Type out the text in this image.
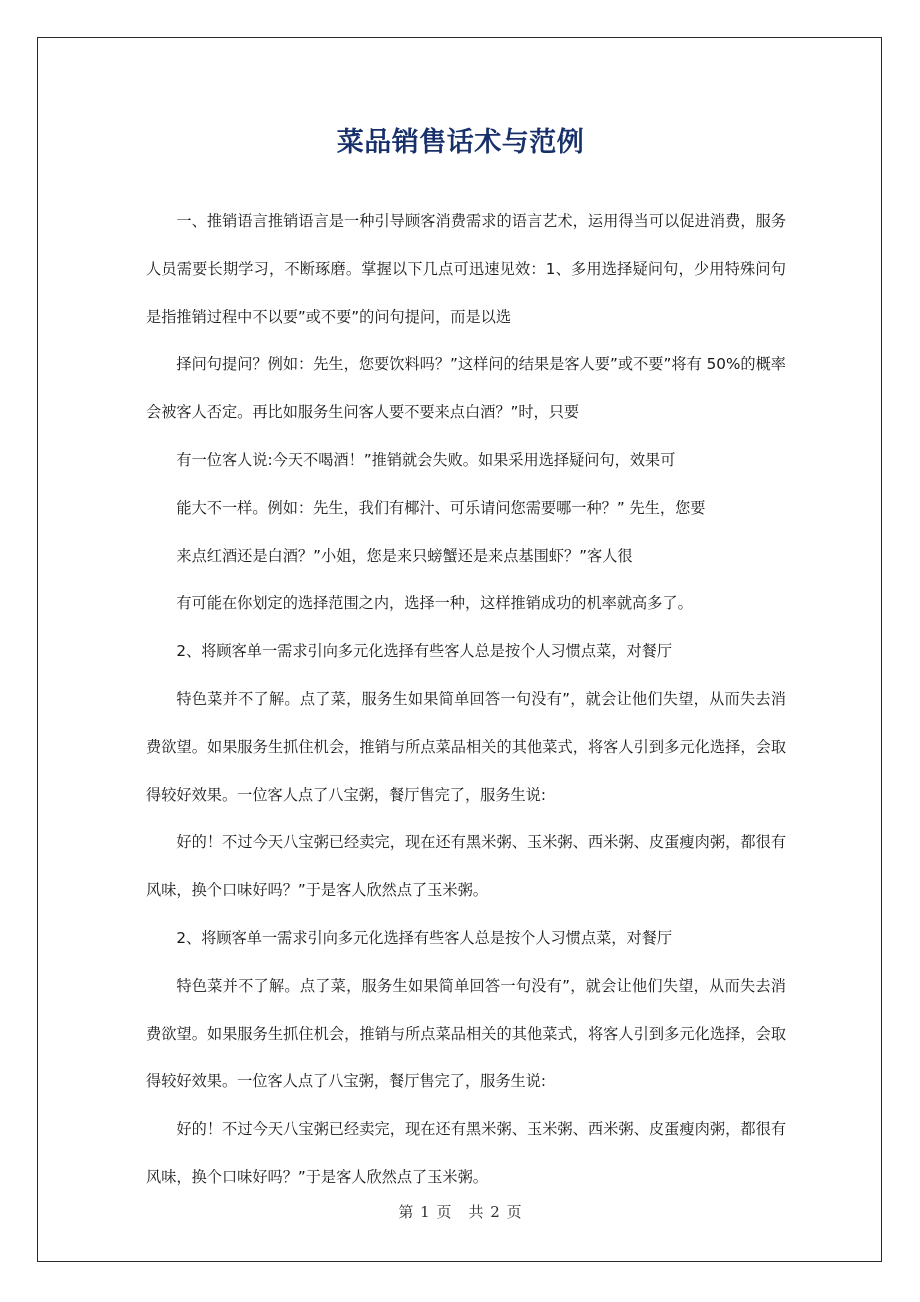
菜品销售话术与范例

一、推销语言推销语言是一种引导顾客消费需求的语言艺术，运用得当可以促进消费，服务人员需要长期学习，不断琢磨。掌握以下几点可迅速见效：1、多用选择疑问句，少用特殊问句是指推销过程中不以要”或不要”的问句提问，而是以选

择问句提问？例如：先生，您要饮料吗？”这样问的结果是客人要”或不要”将有 50%的概率会被客人否定。再比如服务生问客人要不要来点白酒？”时，只要

有一位客人说:今天不喝酒！”推销就会失败。如果采用选择疑问句，效果可

能大不一样。例如：先生，我们有椰汁、可乐请问您需要哪一种？” 先生，您要

来点红酒还是白酒？”小姐，您是来只螃蟹还是来点基围虾？”客人很

有可能在你划定的选择范围之内，选择一种，这样推销成功的机率就高多了。

2、将顾客单一需求引向多元化选择有些客人总是按个人习惯点菜，对餐厅

特色菜并不了解。点了菜，服务生如果简单回答一句没有”，就会让他们失望，从而失去消费欲望。如果服务生抓住机会，推销与所点菜品相关的其他菜式，将客人引到多元化选择，会取得较好效果。一位客人点了八宝粥，餐厅售完了，服务生说:

好的！不过今天八宝粥已经卖完，现在还有黑米粥、玉米粥、西米粥、皮蛋瘦肉粥，都很有风味，换个口味好吗？”于是客人欣然点了玉米粥。

2、将顾客单一需求引向多元化选择有些客人总是按个人习惯点菜，对餐厅

特色菜并不了解。点了菜，服务生如果简单回答一句没有”，就会让他们失望，从而失去消费欲望。如果服务生抓住机会，推销与所点菜品相关的其他菜式，将客人引到多元化选择，会取得较好效果。一位客人点了八宝粥，餐厅售完了，服务生说:

好的！不过今天八宝粥已经卖完，现在还有黑米粥、玉米粥、西米粥、皮蛋瘦肉粥，都很有风味，换个口味好吗？”于是客人欣然点了玉米粥。

第 1 页　共 2 页
